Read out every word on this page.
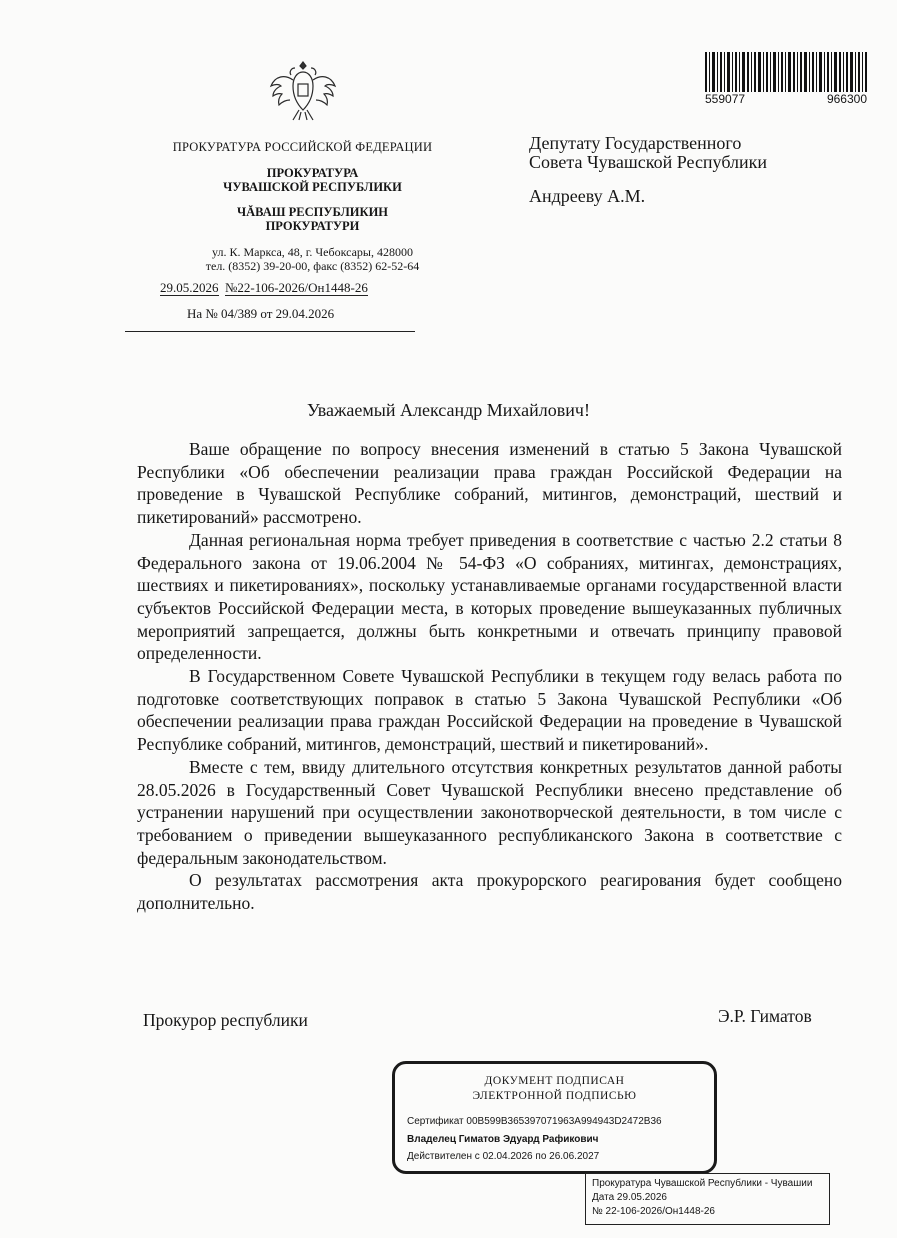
559077	966300
ПРОКУРАТУРА РОССИЙСКОЙ ФЕДЕРАЦИИ
ПРОКУРАТУРА
ЧУВАШСКОЙ РЕСПУБЛИКИ
ЧĂВАШ РЕСПУБЛИКИН
ПРОКУРАТУРИ
ул. К. Маркса, 48, г. Чебоксары, 428000
тел. (8352) 39-20-00, факс (8352) 62-52-64
29.05.2026 №22-106-2026/Он1448-26
На № 04/389 от 29.04.2026
Депутату Государственного
Совета Чувашской Республики
Андрееву А.М.
Уважаемый Александр Михайлович!

Ваше обращение по вопросу внесения изменений в статью 5 Закона Чувашской Республики «Об обеспечении реализации права граждан Российской Федерации на проведение в Чувашской Республике собраний, митингов, демонстраций, шествий и пикетирований» рассмотрено.

Данная региональная норма требует приведения в соответствие с частью 2.2 статьи 8 Федерального закона от 19.06.2004 № 54-ФЗ «О собраниях, митингах, демонстрациях, шествиях и пикетированиях», поскольку устанавливаемые органами государственной власти субъектов Российской Федерации места, в которых проведение вышеуказанных публичных мероприятий запрещается, должны быть конкретными и отвечать принципу правовой определенности.

В Государственном Совете Чувашской Республики в текущем году велась работа по подготовке соответствующих поправок в статью 5 Закона Чувашской Республики «Об обеспечении реализации права граждан Российской Федерации на проведение в Чувашской Республике собраний, митингов, демонстраций, шествий и пикетирований».

Вместе с тем, ввиду длительного отсутствия конкретных результатов данной работы 28.05.2026 в Государственный Совет Чувашской Республики внесено представление об устранении нарушений при осуществлении законотворческой деятельности, в том числе с требованием о приведении вышеуказанного республиканского Закона в соответствие с федеральным законодательством.

О результатах рассмотрения акта прокурорского реагирования будет сообщено дополнительно.

Прокурор республики	Э.Р. Гиматов
ДОКУМЕНТ ПОДПИСАН
ЭЛЕКТРОННОЙ ПОДПИСЬЮ
Сертификат 00B599B365397071963A994943D2472B36
Владелец Гиматов Эдуард Рафикович
Действителен с 02.04.2026 по 26.06.2027
Прокуратура Чувашской Республики - Чувашии
Дата 29.05.2026
№ 22-106-2026/Он1448-26
